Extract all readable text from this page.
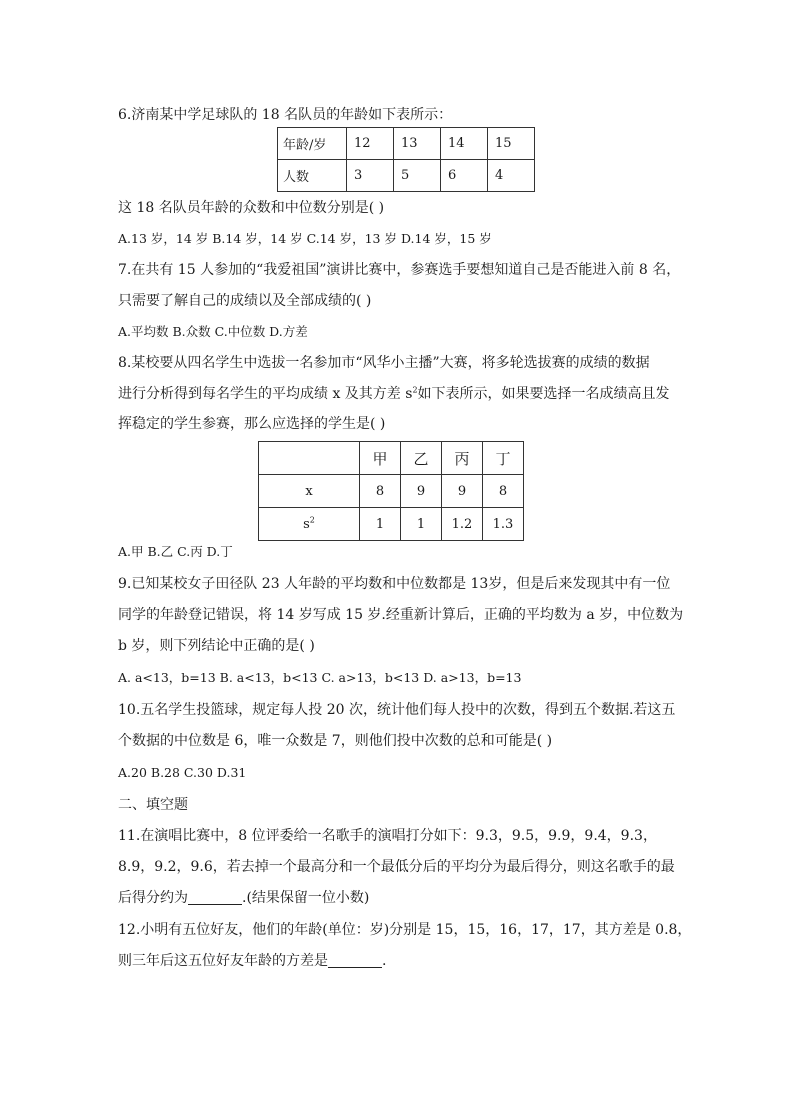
6.济南某中学足球队的 18 名队员的年龄如下表所示：
年龄/岁	12	13	14	15
人数	3	5	6	4
这 18 名队员年龄的众数和中位数分别是( )
A.13 岁，14 岁 B.14 岁，14 岁 C.14 岁，13 岁 D.14 岁，15 岁
7.在共有 15 人参加的“我爱祖国”演讲比赛中，参赛选手要想知道自己是否能进入前 8 名，
只需要了解自己的成绩以及全部成绩的( )
A.平均数 B.众数 C.中位数 D.方差
8.某校要从四名学生中选拔一名参加市“风华小主播”大赛，将多轮选拔赛的成绩的数据
进行分析得到每名学生的平均成绩 x 及其方差 $s^2$如下表所示，如果要选择一名成绩高且发
挥稳定的学生参赛，那么应选择的学生是( )
	甲	乙	丙	丁
x	8	9	9	8
$s^2$	1	1	1.2	1.3
A.甲 B.乙 C.丙 D.丁
9.已知某校女子田径队 23 人年龄的平均数和中位数都是 13岁，但是后来发现其中有一位
同学的年龄登记错误，将 14 岁写成 15 岁.经重新计算后，正确的平均数为 a 岁，中位数为
b 岁，则下列结论中正确的是( )
A. a<13，b=13 B. a<13，b<13 C. a>13，b<13 D. a>13，b=13
10.五名学生投篮球，规定每人投 20 次，统计他们每人投中的次数，得到五个数据.若这五
个数据的中位数是 6，唯一众数是 7，则他们投中次数的总和可能是( )
A.20 B.28 C.30 D.31
二、填空题
11.在演唱比赛中，8 位评委给一名歌手的演唱打分如下：9.3，9.5，9.9，9.4，9.3，
8.9，9.2，9.6，若去掉一个最高分和一个最低分后的平均分为最后得分，则这名歌手的最
后得分约为	.(结果保留一位小数)
12.小明有五位好友，他们的年龄(单位：岁)分别是 15，15，16，17，17，其方差是 0.8，
则三年后这五位好友年龄的方差是	.
